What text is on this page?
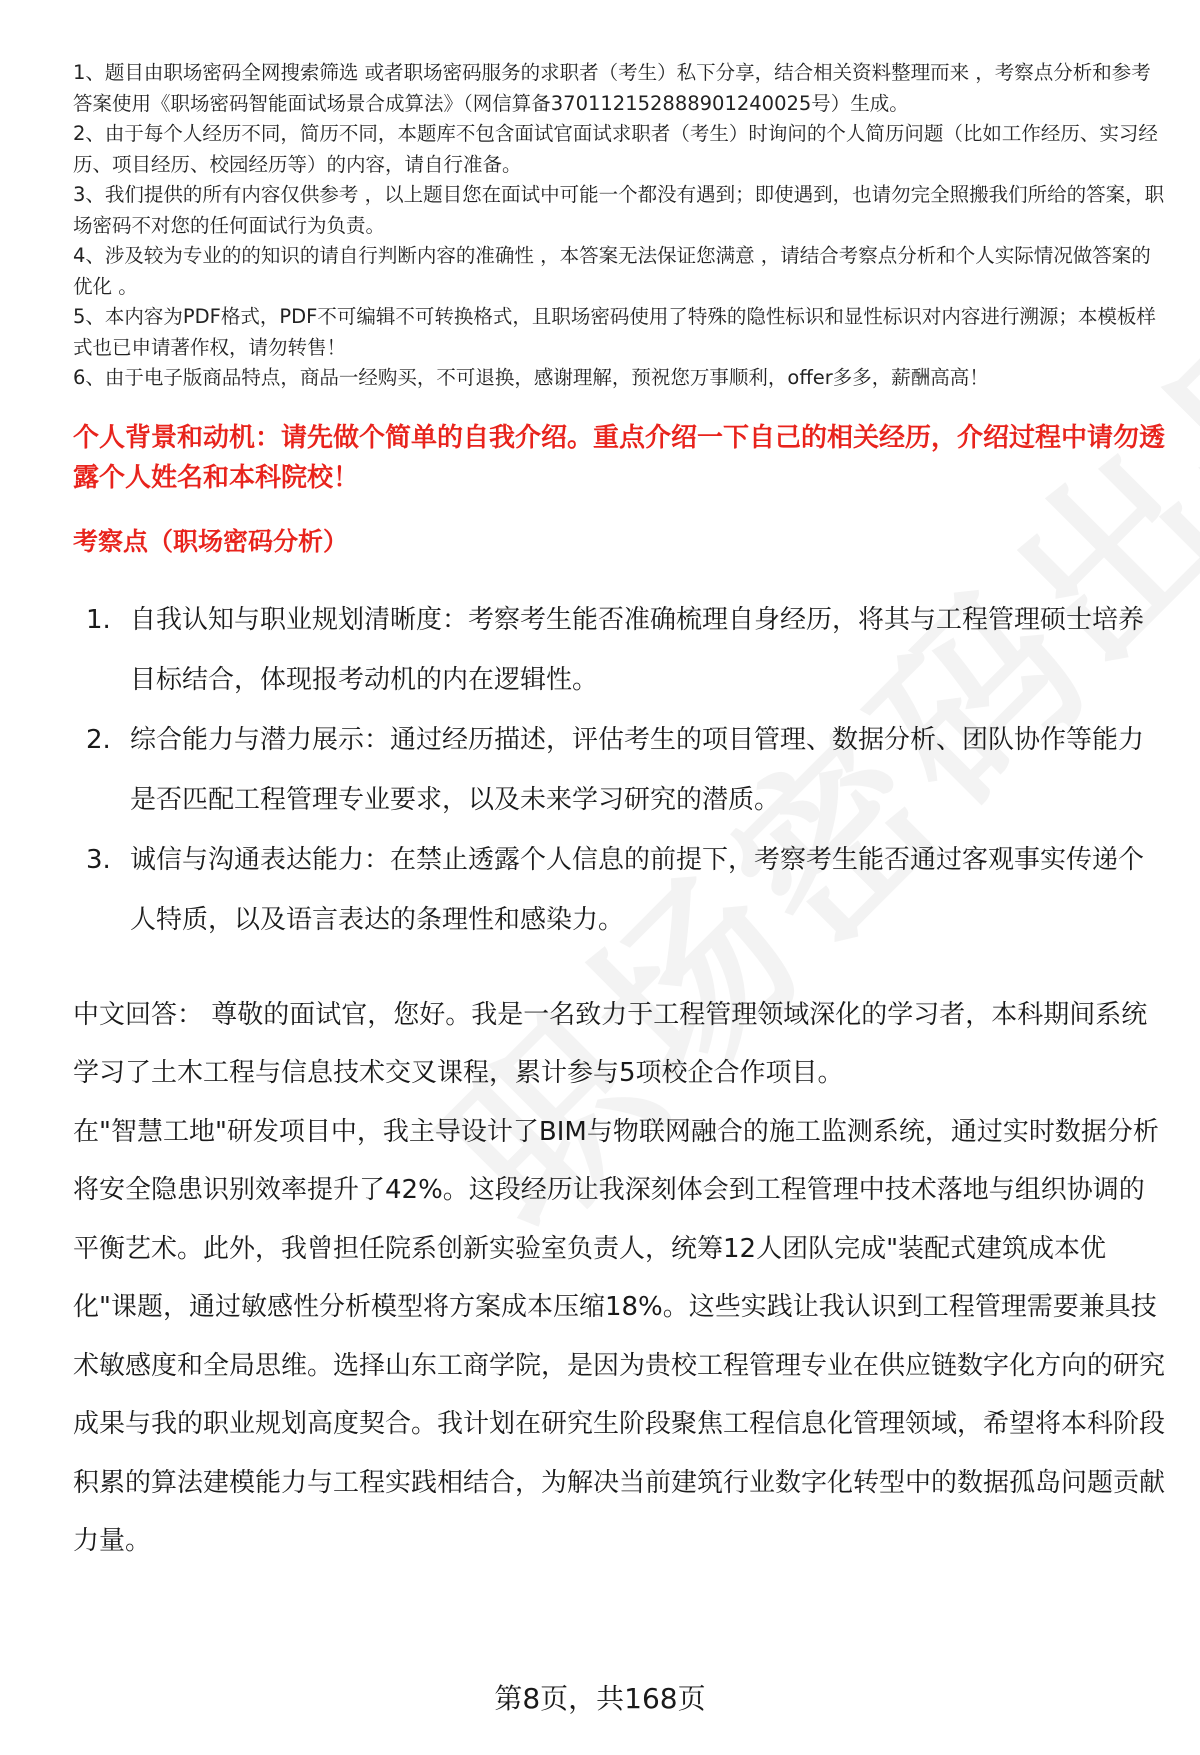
1、题目由职场密码全网搜索筛选 或者职场密码服务的求职者（考生）私下分享，结合相关资料整理而来 ，考察点分析和参考答案使用《职场密码智能面试场景合成算法》（网信算备370112152888901240025号）生成。
2、由于每个人经历不同，简历不同，本题库不包含面试官面试求职者（考生）时询问的个人简历问题（比如工作经历、实习经历、项目经历、校园经历等）的内容，请自行准备。
3、我们提供的所有内容仅供参考 ，以上题目您在面试中可能一个都没有遇到；即使遇到，也请勿完全照搬我们所给的答案，职场密码不对您的任何面试行为负责。
4、涉及较为专业的的知识的请自行判断内容的准确性 ，本答案无法保证您满意 ，请结合考察点分析和个人实际情况做答案的优化 。
5、本内容为PDF格式，PDF不可编辑不可转换格式，且职场密码使用了特殊的隐性标识和显性标识对内容进行溯源；本模板样式也已申请著作权，请勿转售！
6、由于电子版商品特点，商品一经购买，不可退换，感谢理解，预祝您万事顺利，offer多多，薪酬高高！
个人背景和动机：请先做个简单的自我介绍。重点介绍一下自己的相关经历，介绍过程中请勿透露个人姓名和本科院校！
考察点（职场密码分析）
1. 自我认知与职业规划清晰度：考察考生能否准确梳理自身经历，将其与工程管理硕士培养目标结合，体现报考动机的内在逻辑性。
2. 综合能力与潜力展示：通过经历描述，评估考生的项目管理、数据分析、团队协作等能力是否匹配工程管理专业要求，以及未来学习研究的潜质。
3. 诚信与沟通表达能力：在禁止透露个人信息的前提下，考察考生能否通过客观事实传递个人特质，以及语言表达的条理性和感染力。
中文回答： 尊敬的面试官，您好。我是一名致力于工程管理领域深化的学习者，本科期间系统学习了土木工程与信息技术交叉课程，累计参与5项校企合作项目。
在"智慧工地"研发项目中，我主导设计了BIM与物联网融合的施工监测系统，通过实时数据分析将安全隐患识别效率提升了42%。这段经历让我深刻体会到工程管理中技术落地与组织协调的平衡艺术。此外，我曾担任院系创新实验室负责人，统筹12人团队完成"装配式建筑成本优化"课题，通过敏感性分析模型将方案成本压缩18%。这些实践让我认识到工程管理需要兼具技术敏感度和全局思维。选择山东工商学院，是因为贵校工程管理专业在供应链数字化方向的研究成果与我的职业规划高度契合。我计划在研究生阶段聚焦工程信息化管理领域，希望将本科阶段积累的算法建模能力与工程实践相结合，为解决当前建筑行业数字化转型中的数据孤岛问题贡献力量。
第8页，共168页
